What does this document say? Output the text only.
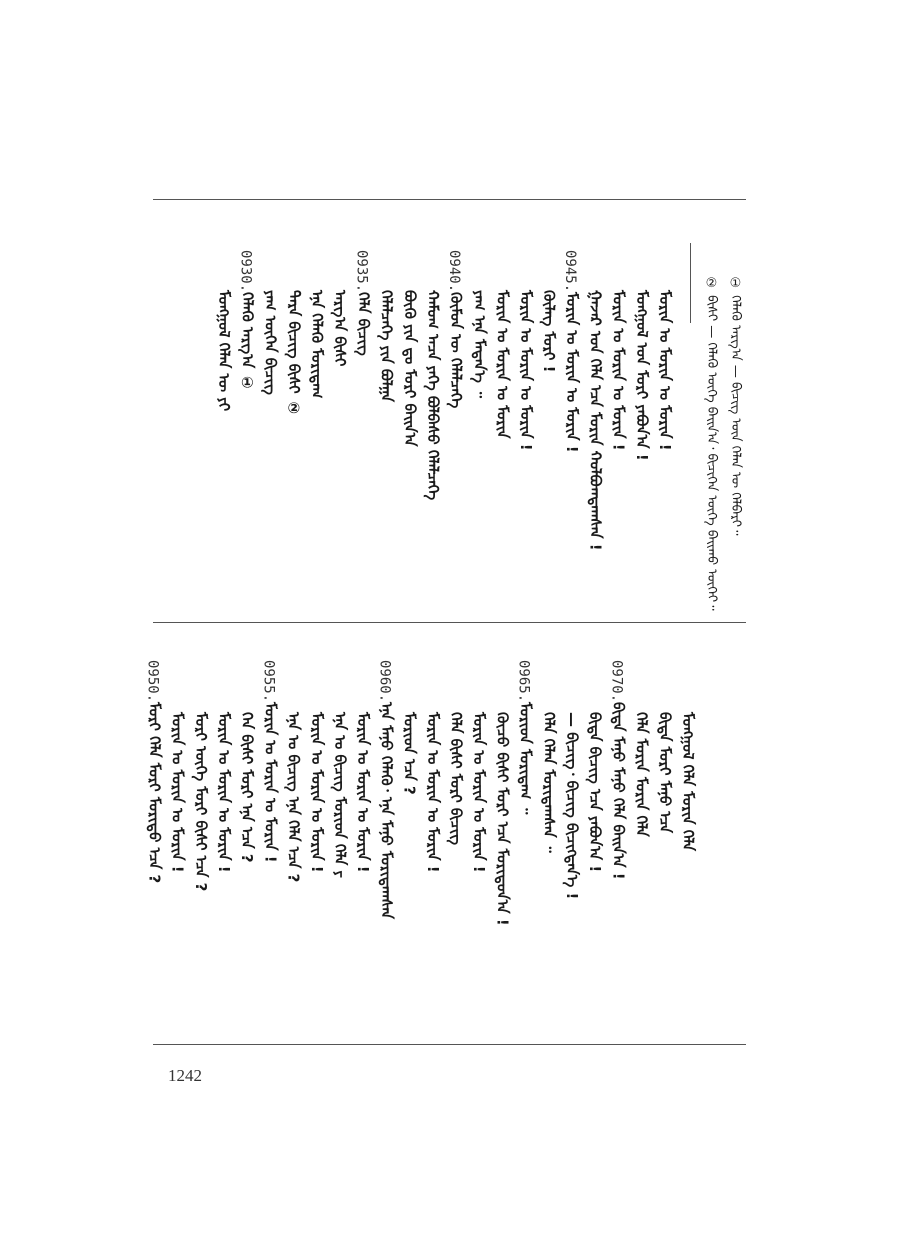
② ᠪᠢᠰᠢ — ᠬᠡᠯᠡᠬᠦ ᠦᠭᠡ ᠪᠠᠢᠨ᠎ᠠ᠂ ᠪᠢᠴᠢᠭᠡᠨ ᠦᠭᠡ ᠪᠠᠢᠬᠤ ᠦᠭᠡᠢ᠃
① ᠬᠡᠯᠡᠬᠦ ᠠᠷᠭ᠎ᠠ — ᠪᠢᠴᠢᠭ ᠦᠨ ᠬᠡᠯᠡᠨ ᠦ ᠬᠡᠯᠪᠡᠷᠢ᠃
ᠮᠣᠷᠢᠨ ᠣ ᠮᠣᠷᠢᠨ ᠣ ᠮᠣᠷᠢᠨ !
ᠮᠣᠩᠭᠣᠯ ᠤᠨ ᠮᠣᠷᠢ ᠶᠠᠪᠤᠨ᠎ᠠ !
ᠮᠣᠷᠢᠨ ᠣ ᠮᠣᠷᠢᠨ ᠣ ᠮᠣᠷᠢᠨ !
ᠭᠠᠵᠠᠷ ᠤᠨ ᠬᠡᠯᠡ ᠡᠴᠡ ᠮᠣᠷᠢᠨ ᠬᠣᠯᠪᠣᠭᠳᠠᠭᠰᠠᠨ !
0945.
ᠮᠣᠷᠢᠨ ᠣ ᠮᠣᠷᠢᠨ ᠣ ᠮᠣᠷᠢᠨ !
ᠬᠦᠯᠡᠭ ᠮᠣᠷᠢ !
ᠮᠣᠷᠢᠨ ᠣ ᠮᠣᠷᠢᠨ ᠣ ᠮᠣᠷᠢᠨ !
ᠮᠣᠷᠢᠨ ᠣ ᠮᠣᠷᠢᠨ ᠣ ᠮᠣᠷᠢᠨ
ᠶᠠᠭ ᠡᠨᠡ ᠮᠡᠳᠡᠨ᠎ᠡ ᠃
0940.
ᠬᠦᠮᠦᠨ ᠦ ᠬᠡᠯᠡᠯᠴᠡᠭᠡ
ᠬᠠᠮᠤᠭ ᠠᠴᠠ ᠶᠡᠬᠡ ᠪᠣᠯᠪᠠᠰᠤ ᠬᠡᠯᠡᠯᠴᠡᠭᠡ
ᠪᠦᠬᠦ ᠶᠢᠨ ᠳᠤ ᠮᠣᠷᠢ ᠪᠠᠢᠨ᠎ᠠ
ᠬᠡᠯᠡᠯᠴᠡᠭᠡ ᠶᠢᠨ ᠪᠣᠯᠭᠠ
0935.
ᠬᠡᠯᠡ ᠪᠢᠴᠢᠭ
ᠠᠷᠭ᠎ᠠ ᠪᠢᠰᠢ
ᠡᠨᠡ ᠬᠡᠯᠡᠬᠦ ᠮᠣᠷᠢᠳᠠᠭ
ᠲᠡᠷᠡ ᠪᠢᠴᠢᠭ ᠪᠢᠰᠢ ②
ᠶᠠᠭ ᠦᠭᠡᠨ ᠪᠢᠴᠢᠭ
0930.
ᠬᠡᠯᠡᠬᠦ ᠠᠷᠭ᠎ᠠ ①
ᠮᠣᠩᠭᠣᠯ ᠬᠡᠯᠡᠨ ᠦ ᠶᠢ
ᠮᠣᠩᠭᠣᠯ ᠬᠡᠯᠡ ᠮᠣᠷᠢᠨ ᠬᠡᠯᠡ
ᠪᠢᠳᠡ ᠮᠣᠷᠢ ᠮᠠᠨᠤ ᠡᠴᠡ
ᠬᠡᠯᠡ ᠮᠣᠷᠢᠨ ᠮᠣᠷᠢᠨ ᠬᠡᠯᠡ
0970.
ᠪᠢᠳᠡ ᠮᠠᠨᠤ ᠮᠠᠨᠤ ᠬᠡᠯᠡ ᠪᠠᠢᠨ᠎ᠠ !
ᠪᠢᠳᠡ ᠪᠢᠴᠢᠭ ᠡᠴᠡ ᠶᠠᠪᠤᠨ᠎ᠠ !
— ᠪᠢᠴᠢᠭ᠂ ᠪᠢᠴᠢᠭ ᠪᠢᠴᠢᠭᠳᠡᠨ᠎ᠡ !
ᠬᠡᠯᠡ ᠬᠡᠯᠡᠨ ᠮᠣᠷᠢᠳᠠᠭᠰᠠᠨ ᠃
0965.
ᠮᠣᠷᠢᠳ ᠮᠣᠷᠢᠳᠠᠭ ᠃
ᠬᠦᠴᠦ ᠪᠢᠰᠢ ᠮᠣᠷᠢ ᠡᠴᠡ ᠮᠣᠷᠢᠳᠤᠨ᠎ᠠ !
ᠮᠣᠷᠢᠨ ᠣ ᠮᠣᠷᠢᠨ ᠣ ᠮᠣᠷᠢᠨ !
ᠬᠡᠯᠡ ᠪᠢᠰᠢ ᠮᠣᠷᠢ ᠪᠢᠴᠢᠭ
ᠮᠣᠷᠢᠨ ᠣ ᠮᠣᠷᠢᠨ ᠣ ᠮᠣᠷᠢᠨ !
ᠮᠣᠷᠢᠳ ᠡᠴᠡ ?
0960.
ᠡᠨᠡ ᠮᠠᠨᠤ ᠬᠡᠯᠡᠬᠦ᠂ ᠡᠨᠡ ᠮᠠᠨᠤ ᠮᠣᠷᠢᠳᠠᠭᠰᠠᠨ
ᠮᠣᠷᠢᠨ ᠣ ᠮᠣᠷᠢᠨ ᠣ ᠮᠣᠷᠢᠨ !
ᠡᠨᠡ ᠣ ᠪᠢᠴᠢᠭ ᠮᠣᠷᠢᠳ ᠬᠡᠯᠡ ᠶ
ᠮᠣᠷᠢᠨ ᠣ ᠮᠣᠷᠢᠨ ᠣ ᠮᠣᠷᠢᠨ !
ᠡᠨᠡ ᠣ ᠪᠢᠴᠢᠭ ᠡᠨᠡ ᠬᠡᠯᠡ ᠡᠴᠡ ?
0955.
ᠮᠣᠷᠢᠨ ᠣ ᠮᠣᠷᠢᠨ ᠣ ᠮᠣᠷᠢᠨ !
ᠬᠡᠨ ᠪᠢᠰᠢ ᠮᠣᠷᠢ ᠡᠨᠡ ᠡᠴᠡ ?
ᠮᠣᠷᠢᠨ ᠣ ᠮᠣᠷᠢᠨ ᠣ ᠮᠣᠷᠢᠨ !
ᠮᠣᠷᠢ ᠦᠭᠡ ᠮᠣᠷᠢ ᠪᠢᠰᠢ ᠡᠴᠡ ?
ᠮᠣᠷᠢᠨ ᠣ ᠮᠣᠷᠢᠨ ᠣ ᠮᠣᠷᠢᠨ !
0950.
ᠮᠣᠷᠢ ᠬᠡᠯᠡ ᠮᠣᠷᠢ ᠮᠣᠷᠢᠳᠤ ᠡᠴᠡ ?
1242
